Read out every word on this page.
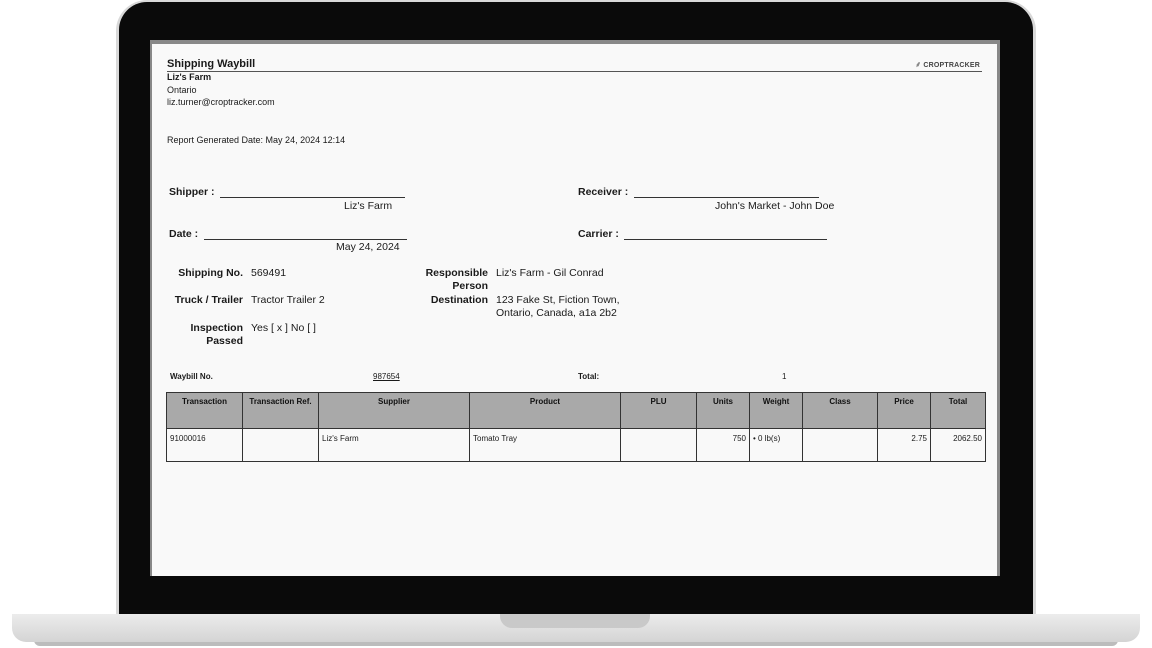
Shipping Waybill	⸙ CROPTRACKER
Liz's Farm
Ontario
liz.turner@croptracker.com
Report Generated Date: May 24, 2024 12:14
Shipper :
Liz's Farm
Receiver :
John's Market - John Doe
Date :
May 24, 2024
Carrier :
Shipping No. 569491
Truck / Trailer Tractor Trailer 2
Inspection
Passed
Yes [ x ] No [ ]
Responsible
Person
Liz's Farm - Gil Conrad
Destination 123 Fake St, Fiction Town,
Ontario, Canada, a1a 2b2
Waybill No.	987654	Total:	1
Transaction	Transaction Ref.	Supplier	Product	PLU	Units	Weight	Class	Price	Total
91000016		Liz's Farm	Tomato Tray		750	• 0 lb(s)		2.75	2062.50
